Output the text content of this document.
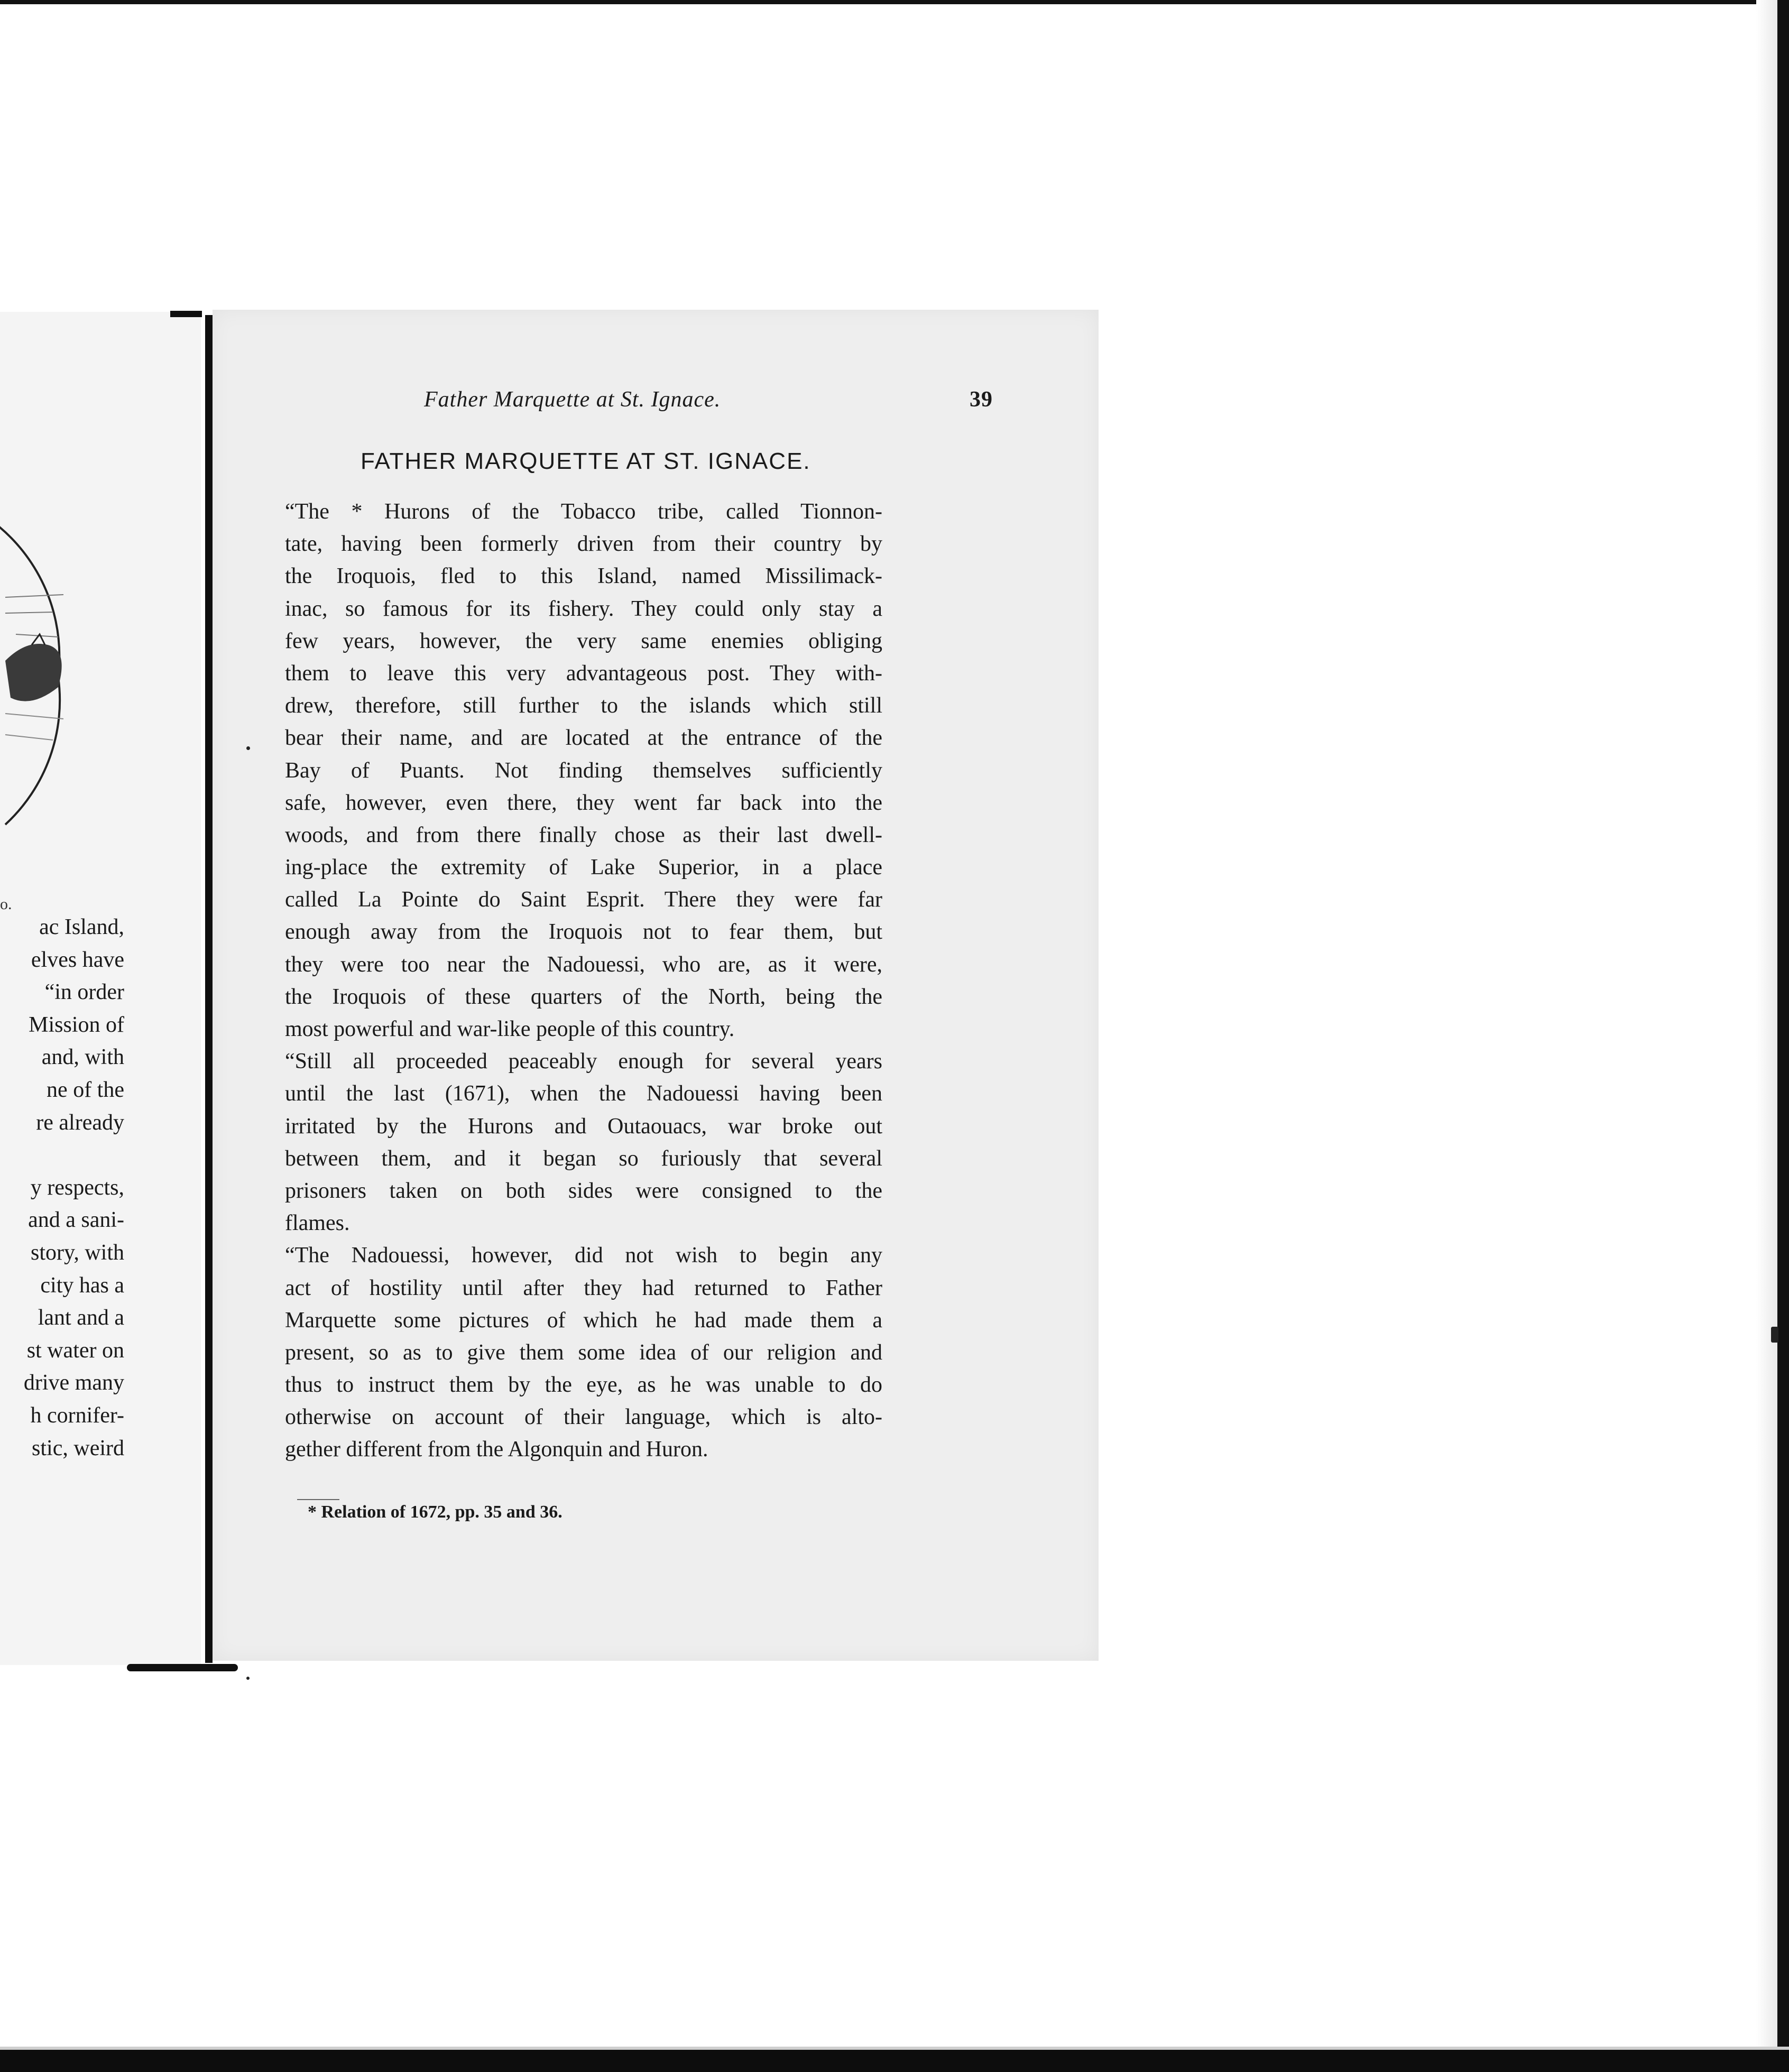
o.
ac Island,
elves have
“in order
Mission of
and, with
ne of the
re already
y respects,
and a sani-
story, with
city has a
lant and a
st water on
drive many
h cornifer-
stic, weird
Father Marquette at St. Ignace.	39
FATHER MARQUETTE AT ST. IGNACE.

“The * Hurons of the Tobacco tribe, called Tionnon-

tate, having been formerly driven from their country by

the Iroquois, fled to this Island, named Missilimack-

inac, so famous for its fishery. They could only stay a

few years, however, the very same enemies obliging

them to leave this very advantageous post. They with-

drew, therefore, still further to the islands which still

bear their name, and are located at the entrance of the

Bay of Puants. Not finding themselves sufficiently

safe, however, even there, they went far back into the

woods, and from there finally chose as their last dwell-

ing-place the extremity of Lake Superior, in a place

called La Pointe do Saint Esprit. There they were far

enough away from the Iroquois not to fear them, but

they were too near the Nadouessi, who are, as it were,

the Iroquois of these quarters of the North, being the

most powerful and war-like people of this country.

“Still all proceeded peaceably enough for several years

until the last (1671), when the Nadouessi having been

irritated by the Hurons and Outaouacs, war broke out

between them, and it began so furiously that several

prisoners taken on both sides were consigned to the

flames.

“The Nadouessi, however, did not wish to begin any

act of hostility until after they had returned to Father

Marquette some pictures of which he had made them a

present, so as to give them some idea of our religion and

thus to instruct them by the eye, as he was unable to do

otherwise on account of their language, which is alto-

gether different from the Algonquin and Huron.

* Relation of 1672, pp. 35 and 36.
